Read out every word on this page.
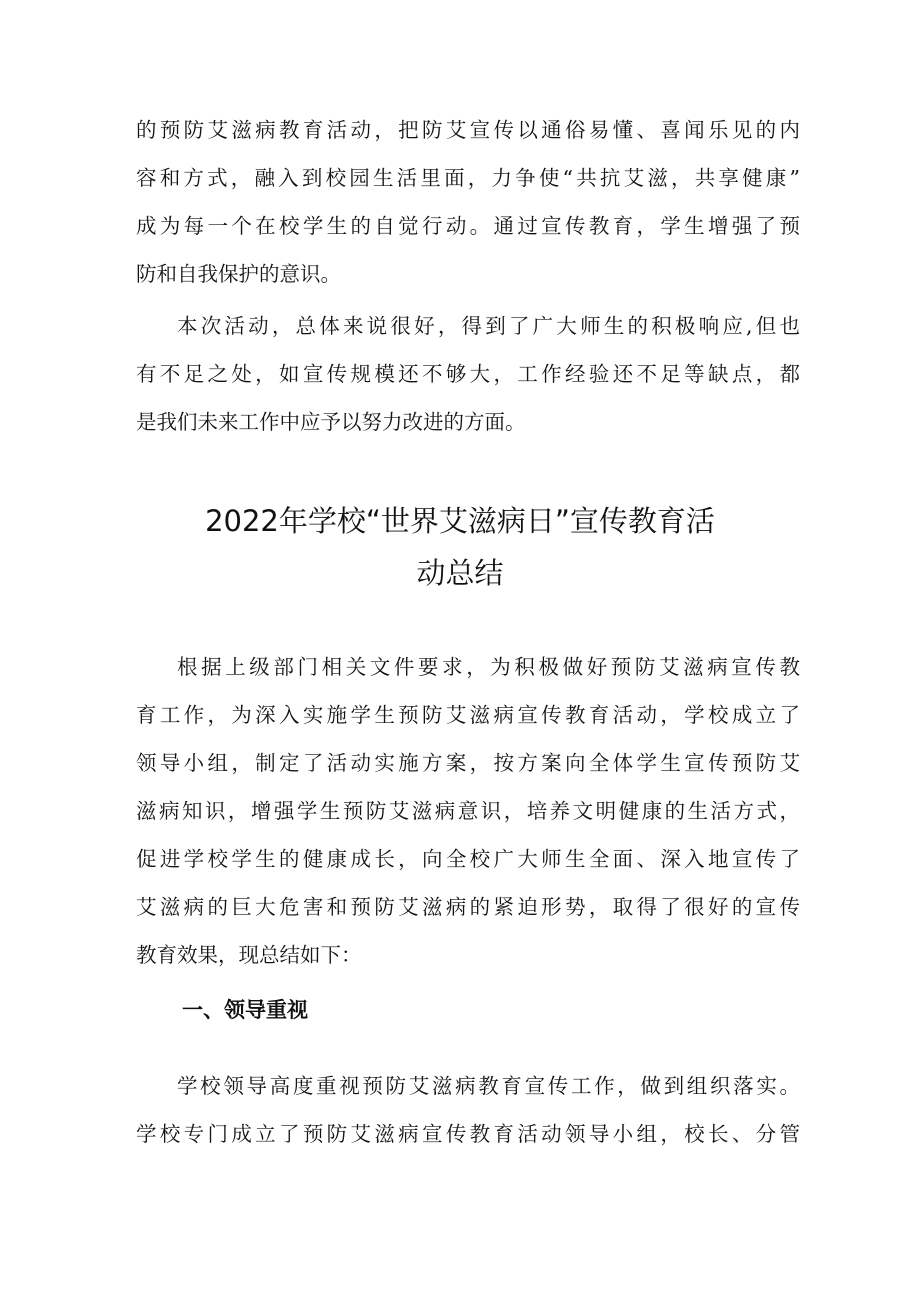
的预防艾滋病教育活动，把防艾宣传以通俗易懂、喜闻乐见的内
容和方式，融入到校园生活里面，力争使“共抗艾滋，共享健康”
成为每一个在校学生的自觉行动。通过宣传教育，学生增强了预
防和自我保护的意识。
本次活动，总体来说很好，得到了广大师生的积极响应,但也
有不足之处，如宣传规模还不够大，工作经验还不足等缺点，都
是我们未来工作中应予以努力改进的方面。
2022年学校“世界艾滋病日”宣传教育活
动总结
根据上级部门相关文件要求，为积极做好预防艾滋病宣传教
育工作，为深入实施学生预防艾滋病宣传教育活动，学校成立了
领导小组，制定了活动实施方案，按方案向全体学生宣传预防艾
滋病知识，增强学生预防艾滋病意识，培养文明健康的生活方式，
促进学校学生的健康成长，向全校广大师生全面、深入地宣传了
艾滋病的巨大危害和预防艾滋病的紧迫形势，取得了很好的宣传
教育效果，现总结如下：
一、领导重视
学校领导高度重视预防艾滋病教育宣传工作，做到组织落实。
学校专门成立了预防艾滋病宣传教育活动领导小组，校长、分管
